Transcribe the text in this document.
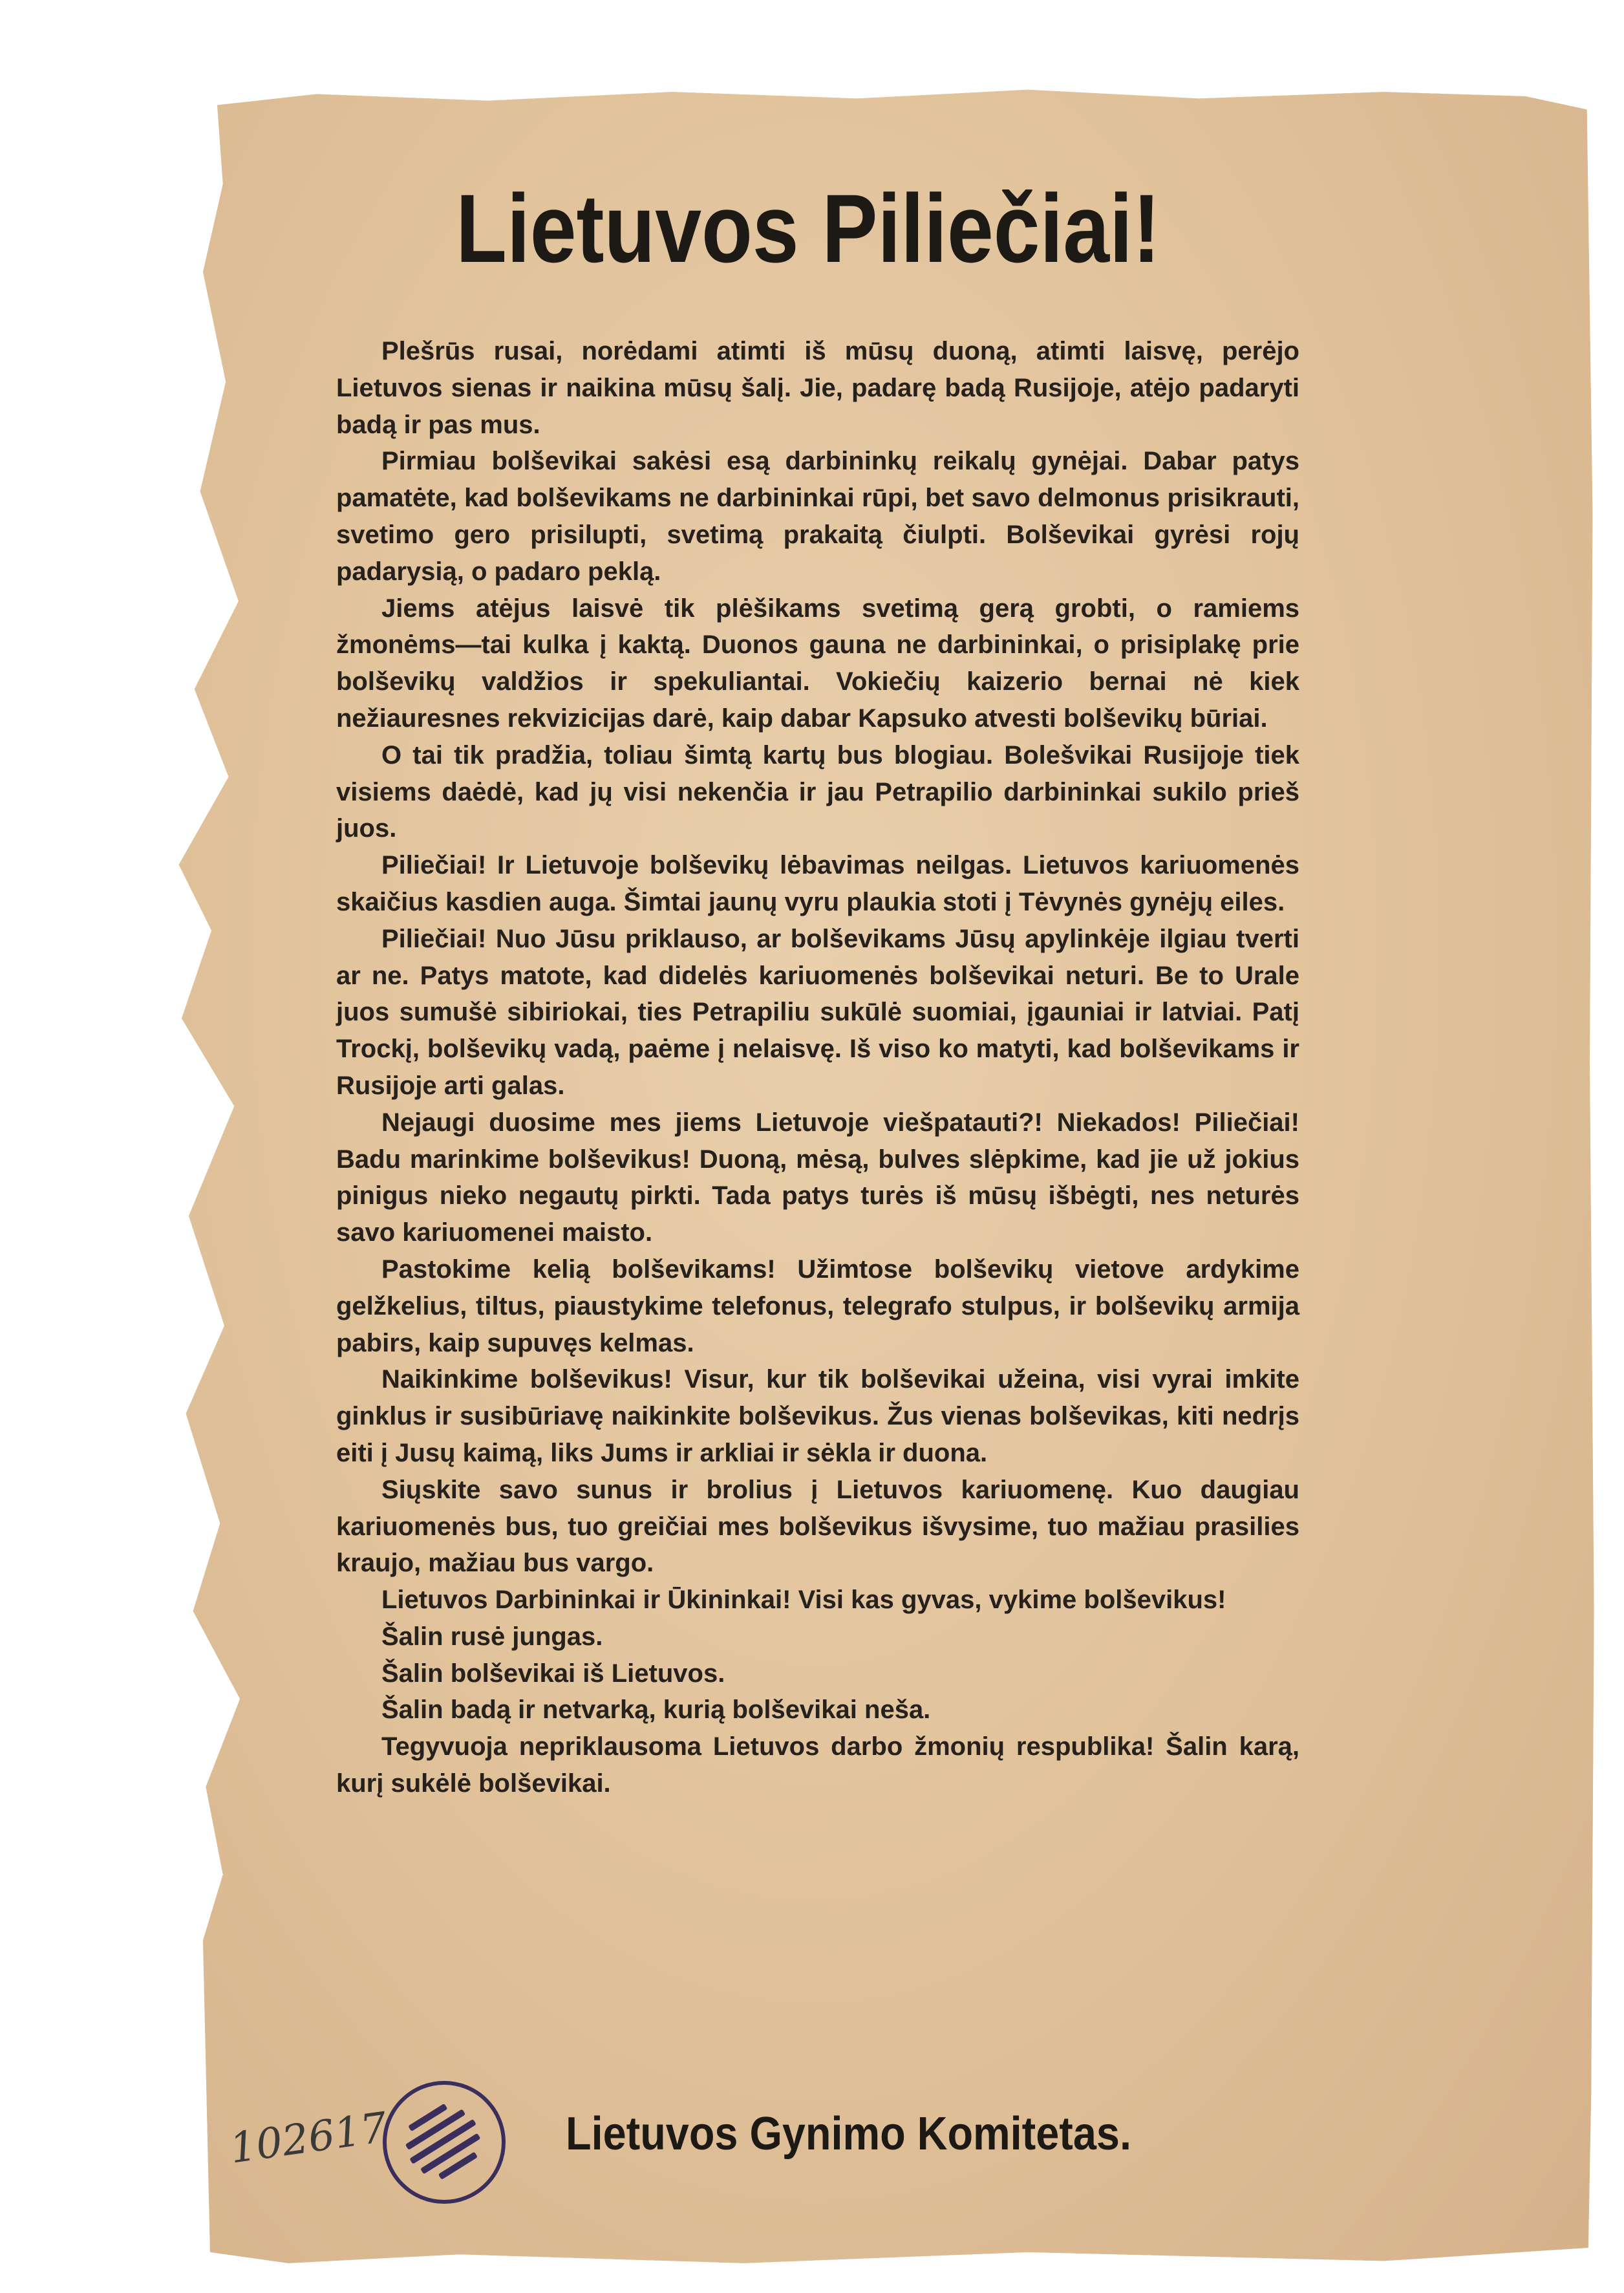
Lietuvos Piliečiai!

Plešrūs rusai, norėdami atimti iš mūsų duoną, atimti laisvę, perėjo Lietuvos sienas ir naikina mūsų šalį. Jie, padarę badą Rusijoje, atėjo padaryti badą ir pas mus.

Pirmiau bolševikai sakėsi esą darbininkų reikalų gynėjai. Dabar patys pamatėte, kad bolševikams ne darbininkai rūpi, bet savo delmonus prisikrauti, svetimo gero prisilupti, svetimą prakaitą čiulpti. Bolševikai gyrėsi rojų padarysią, o padaro peklą.

Jiems atėjus laisvė tik plėšikams svetimą gerą grobti, o ramiems žmonėms—tai kulka į kaktą. Duonos gauna ne darbininkai, o prisiplakę prie bolševikų valdžios ir spekuliantai. Vokiečių kaizerio bernai nė kiek nežiauresnes rekvizicijas darė, kaip dabar Kapsuko atvesti bolševikų būriai.

O tai tik pradžia, toliau šimtą kartų bus blogiau. Bolešvikai Rusijoje tiek visiems daėdė, kad jų visi nekenčia ir jau Petrapilio darbininkai sukilo prieš juos.

Piliečiai! Ir Lietuvoje bolševikų lėbavimas neilgas. Lietuvos kariuomenės skaičius kasdien auga. Šimtai jaunų vyru plaukia stoti į Tėvynės gynėjų eiles.

Piliečiai! Nuo Jūsu priklauso, ar bolševikams Jūsų apylinkėje ilgiau tverti ar ne. Patys matote, kad didelės kariuomenės bolševikai neturi. Be to Urale juos sumušė sibiriokai, ties Petrapiliu sukūlė suomiai, įgauniai ir latviai. Patį Trockį, bolševikų vadą, paėme į nelaisvę. Iš viso ko matyti, kad bolševikams ir Rusijoje arti galas.

Nejaugi duosime mes jiems Lietuvoje viešpatauti?! Niekados! Piliečiai! Badu marinkime bolševikus! Duoną, mėsą, bulves slėpkime, kad jie už jokius pinigus nieko negautų pirkti. Tada patys turės iš mūsų išbėgti, nes neturės savo kariuomenei maisto.

Pastokime kelią bolševikams! Užimtose bolševikų vietove ardykime gelžkelius, tiltus, piaustykime telefonus, telegrafo stulpus, ir bolševikų armija pabirs, kaip supuvęs kelmas.

Naikinkime bolševikus! Visur, kur tik bolševikai užeina, visi vyrai imkite ginklus ir susibūriavę naikinkite bolševikus. Žus vienas bolševikas, kiti nedrįs eiti į Jusų kaimą, liks Jums ir arkliai ir sėkla ir duona.

Siųskite savo sunus ir brolius į Lietuvos kariuomenę. Kuo daugiau kariuomenės bus, tuo greičiai mes bolševikus išvysime, tuo mažiau prasilies kraujo, mažiau bus vargo.

Lietuvos Darbininkai ir Ūkininkai! Visi kas gyvas, vykime bolševikus!

Šalin rusė jungas.

Šalin bolševikai iš Lietuvos.

Šalin badą ir netvarką, kurią bolševikai neša.

Tegyvuoja nepriklausoma Lietuvos darbo žmonių respublika! Šalin karą, kurį sukėlė bolševikai.

102617	Lietuvos Gynimo Komitetas.
